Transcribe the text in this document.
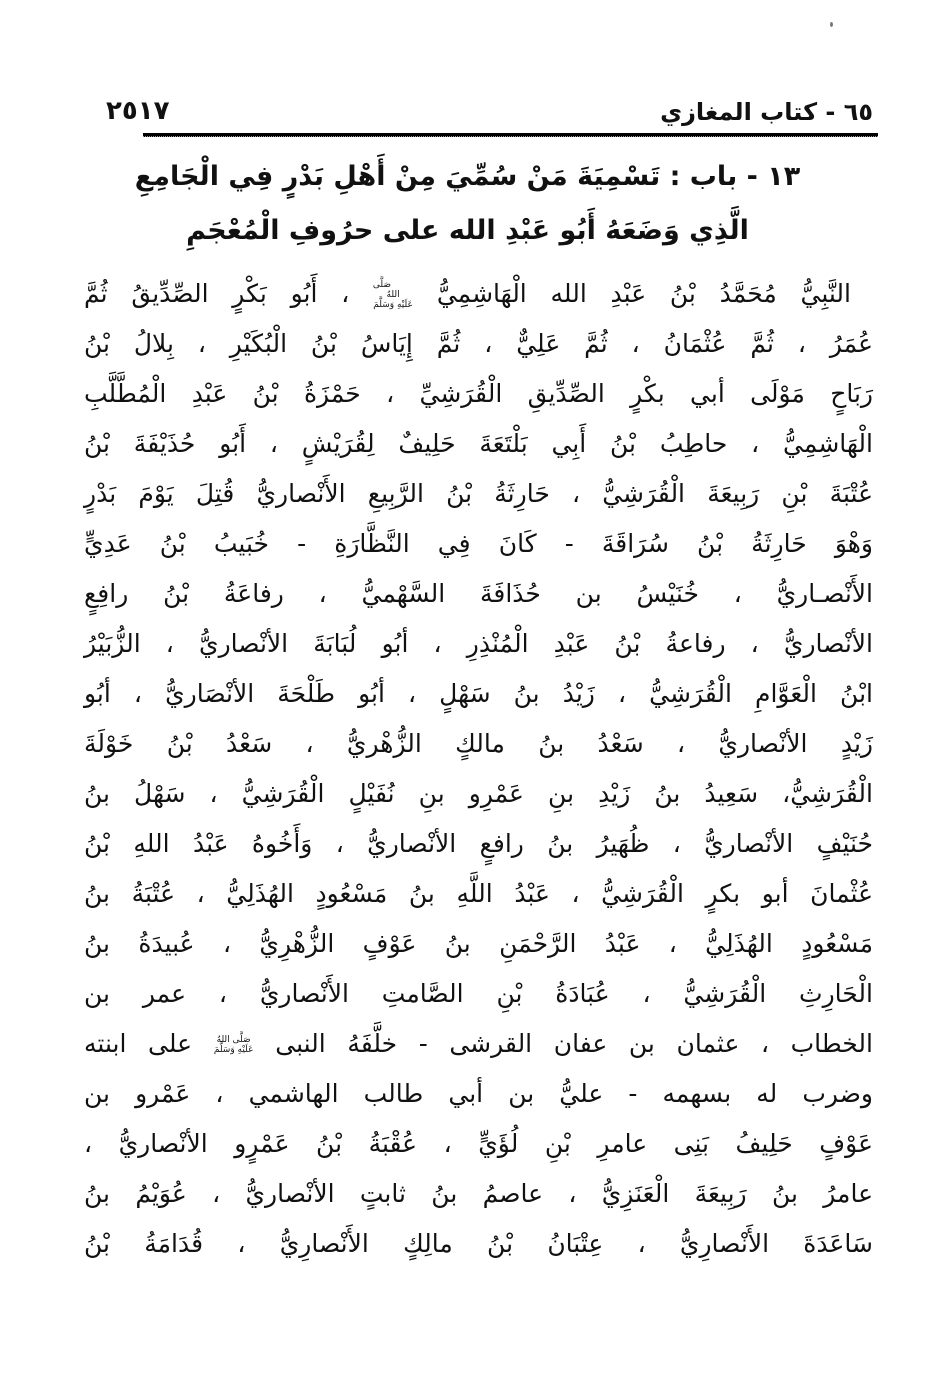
٦٥ - كتاب المغازي
٢٥١٧
١٣ - باب : تَسْمِيَةَ مَنْ سُمِّيَ مِنْ أَهْلِ بَدْرٍ فِي الْجَامِعِ
الَّذِي وَضَعَهُ أَبُو عَبْدِ الله على حرُوفِ الْمُعْجَمِ
النَّبِيُّ مُحَمَّدُ بْنُ عَبْدِ الله الْهَاشِمِيُّ صَلَّى اللهُ
عَلَيْهِ وَسَلَّمَ ، أَبُو بَكْرٍ الصِّدِّيقُ ثُمَّ
عُمَرُ ، ثُمَّ عُثْمَانُ ، ثُمَّ عَلِيٌّ ، ثُمَّ إِيَاسُ بْنُ الْبُكَيْرِ ، بِلالُ بْنُ
رَبَاحٍ مَوْلَى أبي بكْرٍ الصِّدِّيقِ الْقُرَشِيِّ ، حَمْزَةُ بْنُ عَبْدِ الْمُطَّلَّبِ
الْهَاشِمِيُّ ، حاطِبُ بْنُ أَبِي بَلْتَعَةَ حَلِيفٌ لِقُرَيْشٍ ، أَبُو حُذَيْفَةَ بْنُ
عُتْبَةَ بْنِ رَبِيعَةَ الْقُرَشِيُّ ، حَارِثَةُ بْنُ الرَّبِيعِ الأَنْصاريُّ قُتِلَ يَوْمَ بَدْرٍ
وَهْوَ حَارِثَةُ بْنُ سُرَاقَةَ - كَانَ فِي النَّظَّارَةِ - خُبَيبُ بْنُ عَدِيٍّ
الأَنْصـاريُّ ، خُنَيْسُ بن حُذَافَةَ السَّهْميُّ ، رفاعَةُ بْنُ رافِعٍ
الأنْصاريُّ ، رفاعةُ بْنُ عَبْدِ الْمُنْذِرِ ، أبُو لُبَابَةَ الأنْصاريُّ ، الزُّبَيْرُ
ابْنُ الْعَوَّامِ الْقُرَشِيُّ ، زَيْدُ بنُ سَهْلٍ ، أبُو طَلْحَةَ الأنْصَاريُّ ، أبُو
زَيْدٍ الأنْصاريُّ ، سَعْدُ بنُ مالكٍ الزُّهْريُّ ، سَعْدُ بْنُ خَوْلَةَ
الْقُرَشِيُّ، سَعِيدُ بنُ زَيْدِ بنِ عَمْرِو بنِ نُفَيْلٍ الْقُرَشِيُّ ، سَهْلُ بنُ
حُنَيْفٍ الأنْصاريُّ ، ظُهَيرُ بنُ رافعٍ الأنْصاريُّ ، وَأَخُوهُ عَبْدُ اللهِ بْنُ
عُثْمانَ أبو بكرٍ الْقُرَشِيُّ ، عَبْدُ اللَّهِ بنُ مَسْعُودٍ الهُذَلِيُّ ، عُتْبَةُ بنُ
مَسْعُودٍ الهُذَلِيُّ ، عَبْدُ الرَّحْمَنِ بنُ عَوْفٍ الزُّهْرِيُّ ، عُبيدَةُ بنُ
الْحَارِثِ الْقُرَشِيُّ ، عُبَادَةُ بْنِ الصَّامتِ الأَنْصاريُّ ، عمر بن
الخطاب ، عثمان بن عفان القرشى - خلَّفَهُ النبى صَلَّى اللهُ
عَلَيْهِ وَسَلَّمَ على ابنته
وضرب له بسهمه - عليُّ بن أبي طالب الهاشمي ، عَمْرو بن
عَوْفٍ حَلِيفُ بَنِى عامرِ بْنِ لُؤَيٍّ ، عُقْبَةُ بْنُ عَمْرٍو الأنْصاريُّ ،
عامرُ بنُ رَبِيعَةَ الْعَنَزِيُّ ، عاصمُ بنُ ثابتٍ الأنْصاريُّ ، عُوَيْمُ بنُ
سَاعَدَةَ الأَنْصارِيُّ ، عِتْبَانُ بْنُ مالِكٍ الأَنْصارِيُّ ، قُدَامَةُ بْنُ
